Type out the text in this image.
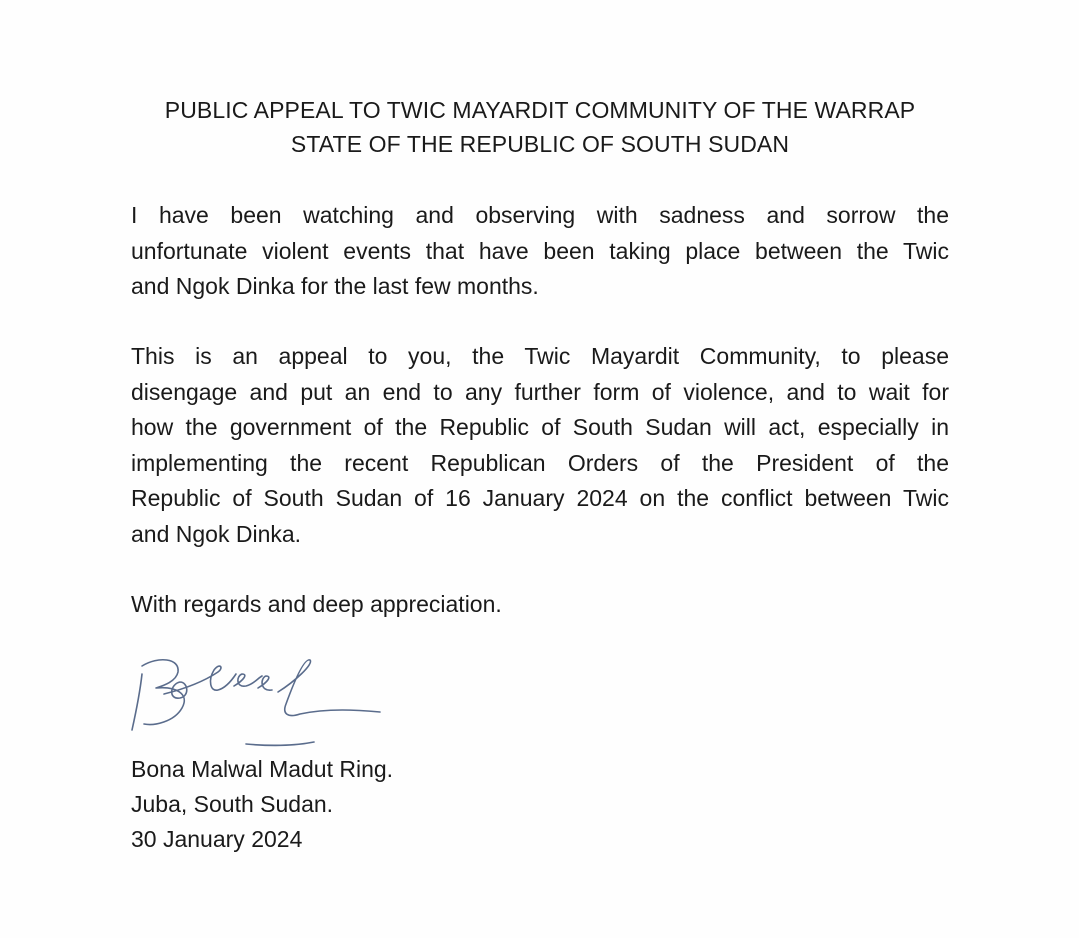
PUBLIC APPEAL TO TWIC MAYARDIT COMMUNITY OF THE WARRAP
STATE OF THE REPUBLIC OF SOUTH SUDAN

I have been watching and observing with sadness and sorrow the
unfortunate violent events that have been taking place between the Twic
and Ngok Dinka for the last few months.

This is an appeal to you, the Twic Mayardit Community, to please
disengage and put an end to any further form of violence, and to wait for
how the government of the Republic of South Sudan will act, especially in
implementing the recent Republican Orders of the President of the
Republic of South Sudan of 16 January 2024 on the conflict between Twic
and Ngok Dinka.

With regards and deep appreciation.

Bona Malwal Madut Ring.
Juba, South Sudan.
30 January 2024
